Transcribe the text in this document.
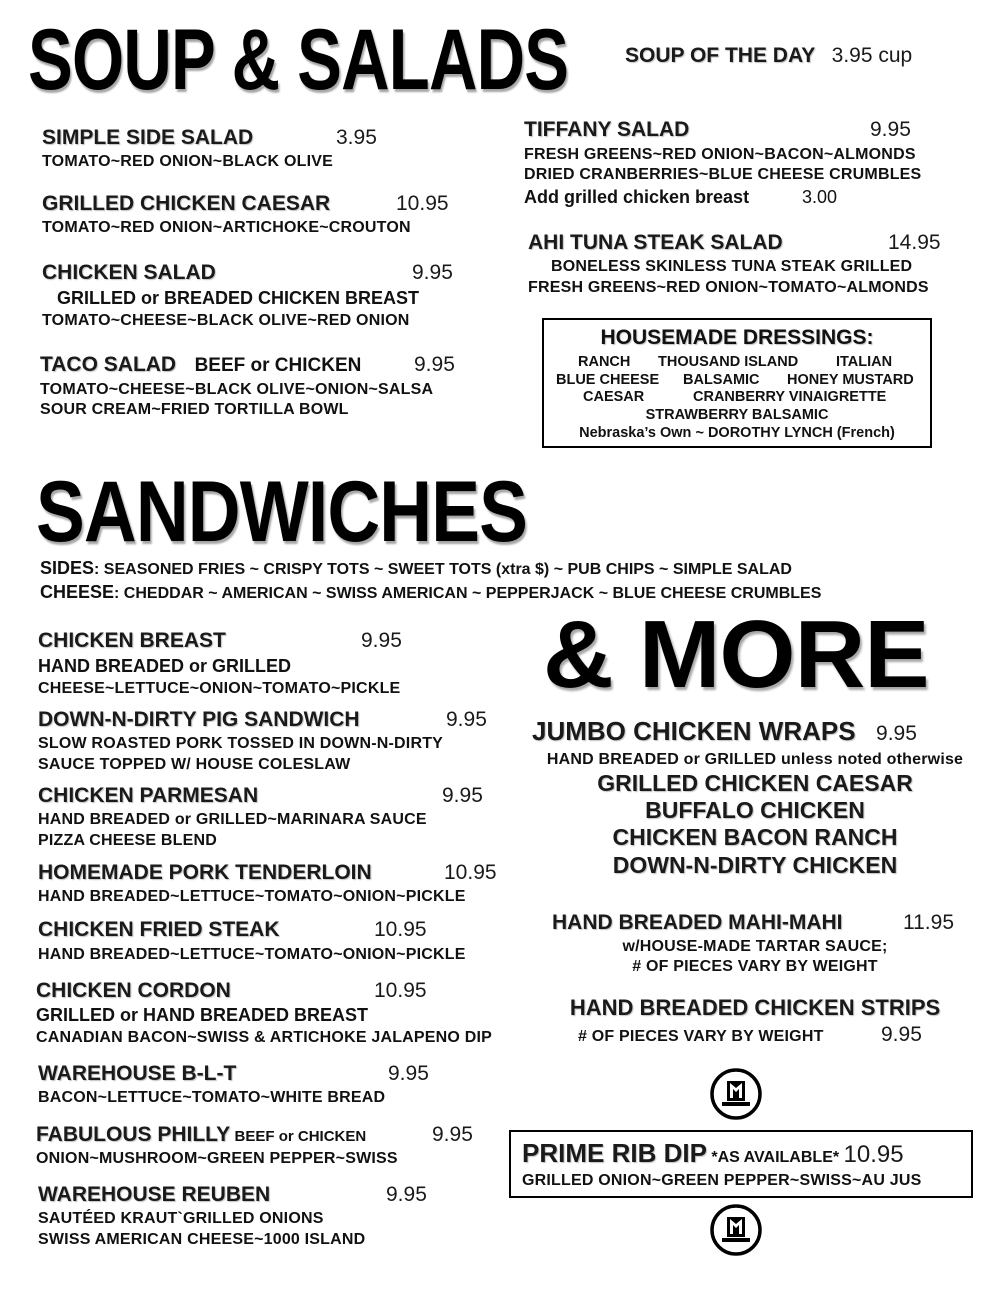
SOUP & SALADS	SOUP OF THE DAY 3.95 cup
SIMPLE SIDE SALAD	3.95
TOMATO~RED ONION~BLACK OLIVE
GRILLED CHICKEN CAESAR	10.95
TOMATO~RED ONION~ARTICHOKE~CROUTON
CHICKEN SALAD	9.95
GRILLED or BREADED CHICKEN BREAST
TOMATO~CHEESE~BLACK OLIVE~RED ONION
TACO SALAD BEEF or CHICKEN	9.95
TOMATO~CHEESE~BLACK OLIVE~ONION~SALSA
SOUR CREAM~FRIED TORTILLA BOWL
TIFFANY SALAD	9.95
FRESH GREENS~RED ONION~BACON~ALMONDS
DRIED CRANBERRIES~BLUE CHEESE CRUMBLES
Add grilled chicken breast	3.00
AHI TUNA STEAK SALAD	14.95
BONELESS SKINLESS TUNA STEAK GRILLED
FRESH GREENS~RED ONION~TOMATO~ALMONDS
HOUSEMADE DRESSINGS:
RANCH THOUSAND ISLAND	ITALIAN
BLUE CHEESE BALSAMIC HONEY MUSTARD
CAESAR	CRANBERRY VINAIGRETTE
STRAWBERRY BALSAMIC
Nebraska’s Own ~ DOROTHY LYNCH (French)
SANDWICHES
SIDES: SEASONED FRIES ~ CRISPY TOTS ~ SWEET TOTS (xtra $) ~ PUB CHIPS ~ SIMPLE SALAD
CHEESE: CHEDDAR ~ AMERICAN ~ SWISS AMERICAN ~ PEPPERJACK ~ BLUE CHEESE CRUMBLES
CHICKEN BREAST	9.95
HAND BREADED or GRILLED
CHEESE~LETTUCE~ONION~TOMATO~PICKLE
DOWN-N-DIRTY PIG SANDWICH	9.95
SLOW ROASTED PORK TOSSED IN DOWN-N-DIRTY
SAUCE TOPPED W/ HOUSE COLESLAW
CHICKEN PARMESAN	9.95
HAND BREADED or GRILLED~MARINARA SAUCE
PIZZA CHEESE BLEND
HOMEMADE PORK TENDERLOIN	10.95
HAND BREADED~LETTUCE~TOMATO~ONION~PICKLE
CHICKEN FRIED STEAK	10.95
HAND BREADED~LETTUCE~TOMATO~ONION~PICKLE
CHICKEN CORDON	10.95
GRILLED or HAND BREADED BREAST
CANADIAN BACON~SWISS & ARTICHOKE JALAPENO DIP
WAREHOUSE B-L-T	9.95
BACON~LETTUCE~TOMATO~WHITE BREAD
FABULOUS PHILLY BEEF or CHICKEN	9.95
ONION~MUSHROOM~GREEN PEPPER~SWISS
WAREHOUSE REUBEN	9.95
SAUTÉED KRAUT`GRILLED ONIONS
SWISS AMERICAN CHEESE~1000 ISLAND
& MORE
JUMBO CHICKEN WRAPS 9.95
HAND BREADED or GRILLED unless noted otherwise
GRILLED CHICKEN CAESAR
BUFFALO CHICKEN
CHICKEN BACON RANCH
DOWN-N-DIRTY CHICKEN
HAND BREADED MAHI-MAHI	11.95
w/HOUSE-MADE TARTAR SAUCE;
# OF PIECES VARY BY WEIGHT
HAND BREADED CHICKEN STRIPS
# OF PIECES VARY BY WEIGHT	9.95
PRIME RIB DIP *AS AVAILABLE* 10.95
GRILLED ONION~GREEN PEPPER~SWISS~AU JUS
